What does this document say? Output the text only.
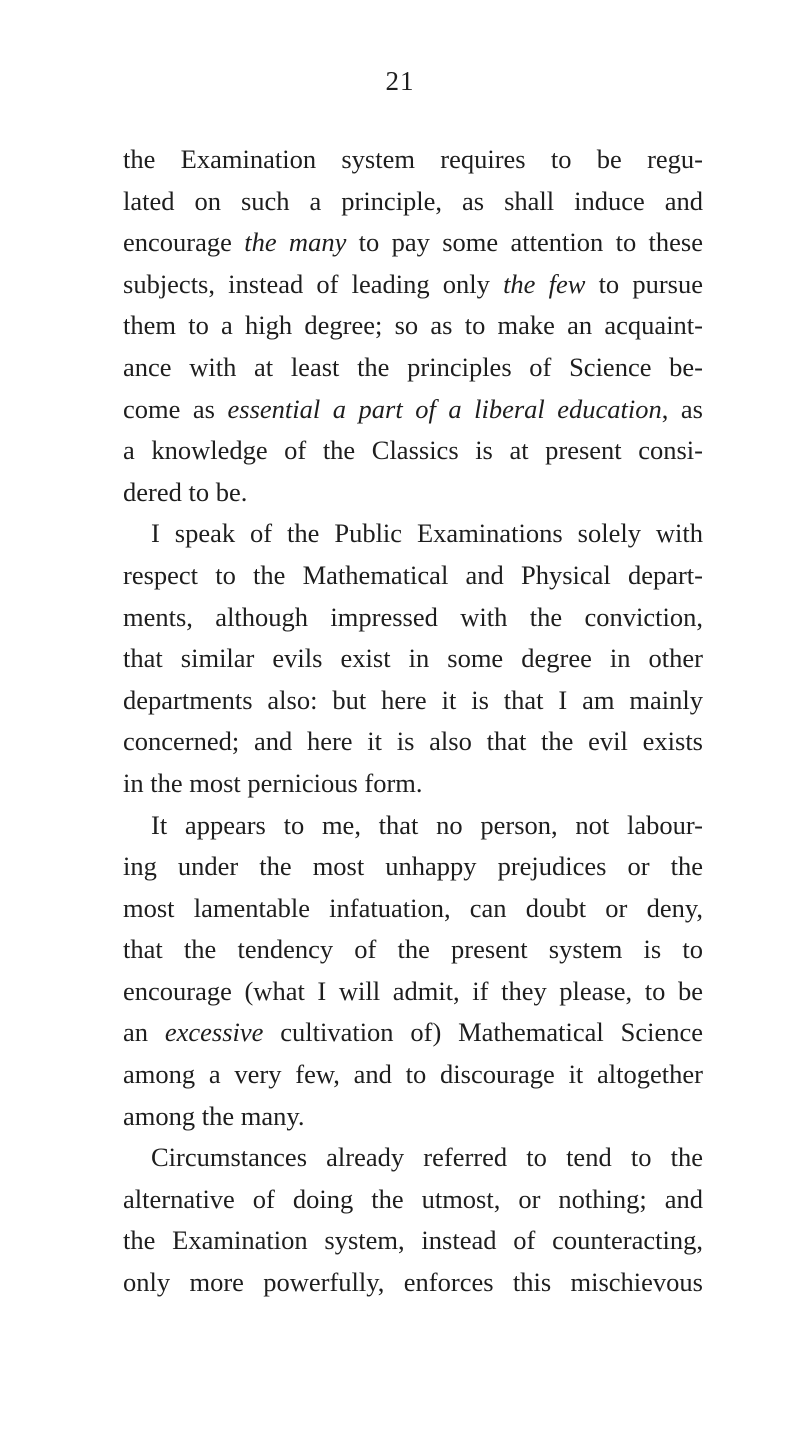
21
the Examination system requires to be regu-
lated on such a principle, as shall induce and
encourage the many to pay some attention to these
subjects, instead of leading only the few to pursue
them to a high degree; so as to make an acquaint-
ance with at least the principles of Science be-
come as essential a part of a liberal education, as
a knowledge of the Classics is at present consi-
dered to be.
I speak of the Public Examinations solely with
respect to the Mathematical and Physical depart-
ments, although impressed with the conviction,
that similar evils exist in some degree in other
departments also: but here it is that I am mainly
concerned; and here it is also that the evil exists
in the most pernicious form.
It appears to me, that no person, not labour-
ing under the most unhappy prejudices or the
most lamentable infatuation, can doubt or deny,
that the tendency of the present system is to
encourage (what I will admit, if they please, to be
an excessive cultivation of) Mathematical Science
among a very few, and to discourage it altogether
among the many.
Circumstances already referred to tend to the
alternative of doing the utmost, or nothing; and
the Examination system, instead of counteracting,
only more powerfully, enforces this mischievous
